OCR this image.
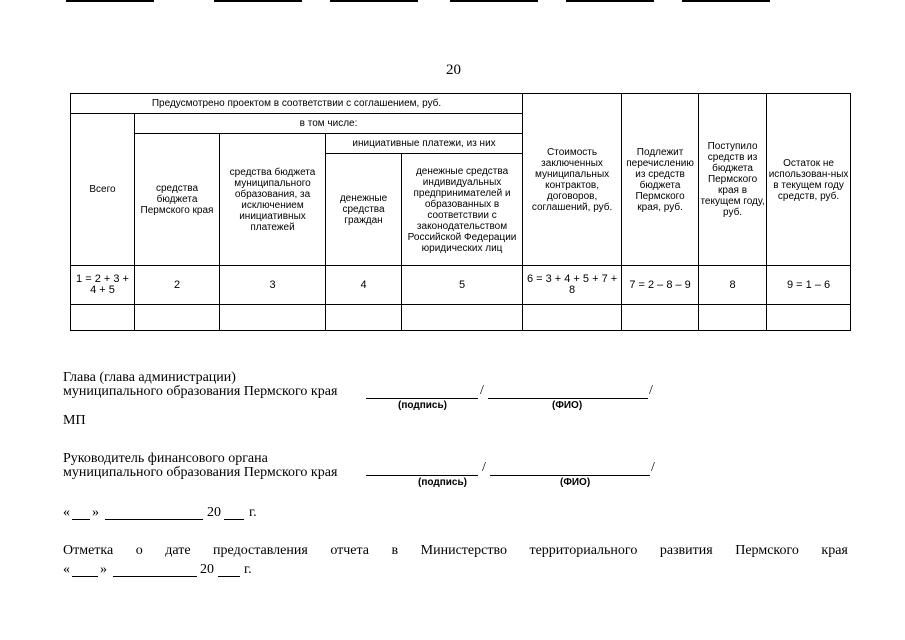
20
Предусмотрено проектом в соответствии с соглашением, руб.					Стоимость заключенных муниципальных контрактов, договоров, соглашений, руб.	Подлежит перечислению из средств бюджета Пермского края, руб.	Поступило средств из бюджета Пермского края в текущем году, руб.	Остаток не использован-ных в текущем году средств, руб.
Всего	в том числе:							
	средства бюджета Пермского края	средства бюджета муниципального образования, за исключением инициативных платежей	инициативные платежи, из них					
			денежные средства граждан	денежные средства индивидуальных предпринимателей и образованных в соответствии с законодательством Российской Федерации юридических лиц				
1 = 2 + 3 + 4 + 5	2	3	4	5	6 = 3 + 4 + 5 + 7 + 8	7 = 2 – 8 – 9	8	9 = 1 – 6

Глава (глава администрации)
муниципального образования Пермского края	/	/
(подпись)	(ФИО)
МП
Руководитель финансового органа
муниципального образования Пермского края	/	/
(подпись)	(ФИО)
« »	20 г.
Отметка о дате предоставления отчета в Министерство территориального развития Пермского края
« »	20 г.
